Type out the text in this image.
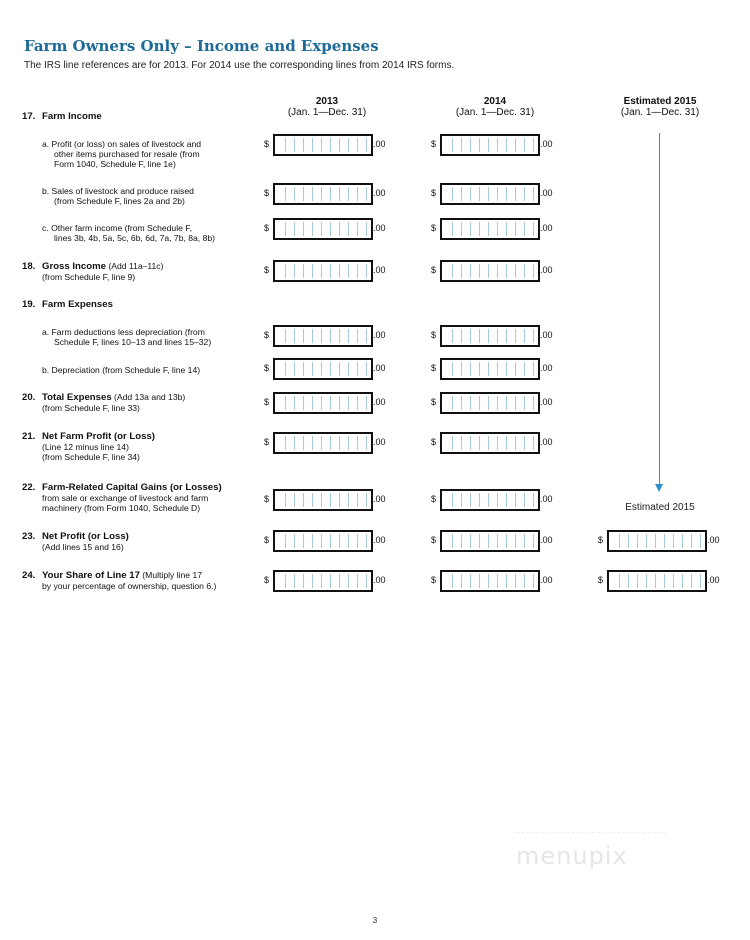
Farm Owners Only – Income and Expenses
The IRS line references are for 2013. For 2014 use the corresponding lines from 2014 IRS forms.
2013
(Jan. 1—Dec. 31)
2014
(Jan. 1—Dec. 31)
Estimated 2015
(Jan. 1—Dec. 31)
17. Farm Income
a. Profit (or loss) on sales of livestock and
other items purchased for resale (from
Form 1040, Schedule F, line 1e)
$	.00	$	.00
b. Sales of livestock and produce raised
(from Schedule F, lines 2a and 2b)
$	.00	$	.00
c. Other farm income (from Schedule F,
lines 3b, 4b, 5a, 5c, 6b, 6d, 7a, 7b, 8a, 8b)
$	.00	$	.00
18. Gross Income (Add 11a–11c)
(from Schedule F, line 9)
$	.00	$	.00
19. Farm Expenses
a. Farm deductions less depreciation (from
Schedule F, lines 10–13 and lines 15–32)
$	.00	$	.00
b. Depreciation (from Schedule F, line 14)	$	.00	$	.00
20. Total Expenses (Add 13a and 13b)
(from Schedule F, line 33)
$	.00	$	.00
21. Net Farm Profit (or Loss)
(Line 12 minus line 14)
(from Schedule F, line 34)
$	.00	$	.00
22. Farm-Related Capital Gains (or Losses)
from sale or exchange of livestock and farm
machinery (from Form 1040, Schedule D)
$	.00	$	.00
Estimated 2015
23. Net Profit (or Loss)
(Add lines 15 and 16)
$	.00	$	.00	$	.00
24. Your Share of Line 17 (Multiply line 17
by your percentage of ownership, question 6.)
$	.00	$	.00	$	.00
menupix
3
